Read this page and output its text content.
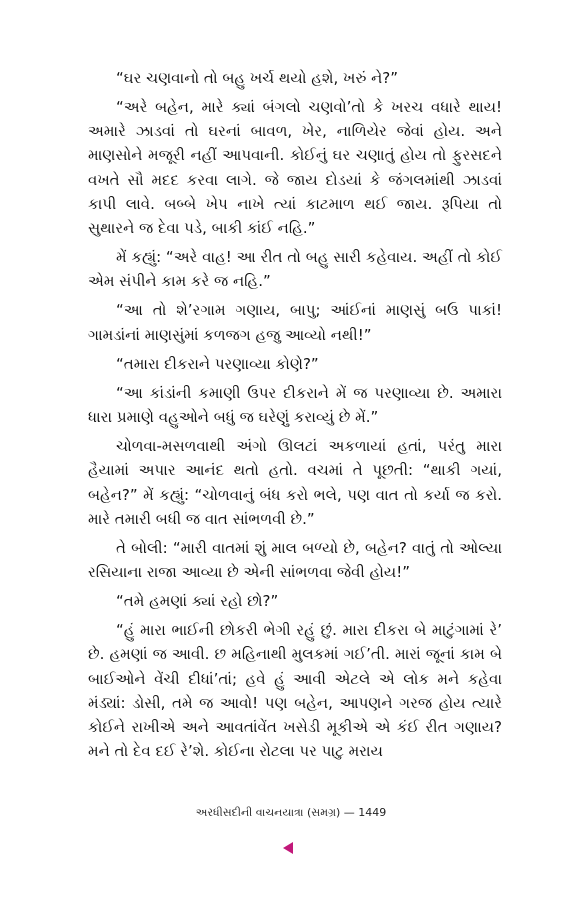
“ઘર ચણવાનો તો બહુ ખર્ચ થયો હશે, ખરું ને?”

“અરે બહેન, મારે ક્યાં બંગલો ચણવો’તો કે ખરચ વધારે થાય! અમારે ઝાડવાં તો ઘરનાં બાવળ, ખેર, નાળિયેર જેવાં હોય. અને માણસોને મજૂરી નહીં આપવાની. કોઈનું ઘર ચણાતું હોય તો ફુરસદને વખતે સૌ મદદ કરવા લાગે. જે જાય દોડયાં કે જંગલમાંથી ઝાડવાં કાપી લાવે. બબ્બે ખેપ નાખે ત્યાં કાટમાળ થઈ જાય. રૂપિયા તો સુથારને જ દેવા પડે, બાકી કાંઈ નહિ.”

મેં કહ્યું: “અરે વાહ! આ રીત તો બહુ સારી કહેવાય. અહીં તો કોઈ એમ સંપીને કામ કરે જ નહિ.”

“આ તો શે’રગામ ગણાય, બાપુ; આંઈનાં માણસું બઉ પાકાં! ગામડાંનાં માણસુંમાં કળજગ હજુ આવ્યો નથી!”

“તમારા દીકરાને પરણાવ્યા કોણે?”

“આ કાંડાંની કમાણી ઉપર દીકરાને મેં જ પરણાવ્યા છે. અમારા ધારા પ્રમાણે વહુઓને બધું જ ઘરેણું કરાવ્યું છે મેં.”

ચોળવા-મસળવાથી અંગો ઊલટાં અકળાયાં હતાં, પરંતુ મારા હૈયામાં અપાર આનંદ થતો હતો. વચમાં તે પૂછતી: “થાકી ગયાં, બહેન?” મેં કહ્યું: “ચોળવાનું બંધ કરો ભલે, પણ વાત તો કર્યા જ કરો. મારે તમારી બધી જ વાત સાંભળવી છે.”

તે બોલી: “મારી વાતમાં શું માલ બળ્યો છે, બહેન? વાતું તો ઓલ્યા રસિયાના રાજા આવ્યા છે એની સાંભળવા જેવી હોય!”

“તમે હમણાં ક્યાં રહો છો?”

“હું મારા ભાઈની છોકરી ભેગી રહું છું. મારા દીકરા બે માટુંગામાં રે’ છે. હમણાં જ આવી. છ મહિનાથી મુલકમાં ગઈ’તી. મારાં જૂનાં કામ બે બાઈઓને વેંચી દીધાં’તાં; હવે હું આવી એટલે એ લોક મને કહેવા મંડ્યાં: ડોસી, તમે જ આવો! પણ બહેન, આપણને ગરજ હોય ત્યારે કોઈને રાખીએ અને આવતાંવેંત ખસેડી મૂકીએ એ કંઈ રીત ગણાય? મને તો દેવ દઈ રે’શે. કોઈના રોટલા પર પાટુ મરાય

અરધીસદીની વાચનયાત્રા (સમગ્ર) — 1449
